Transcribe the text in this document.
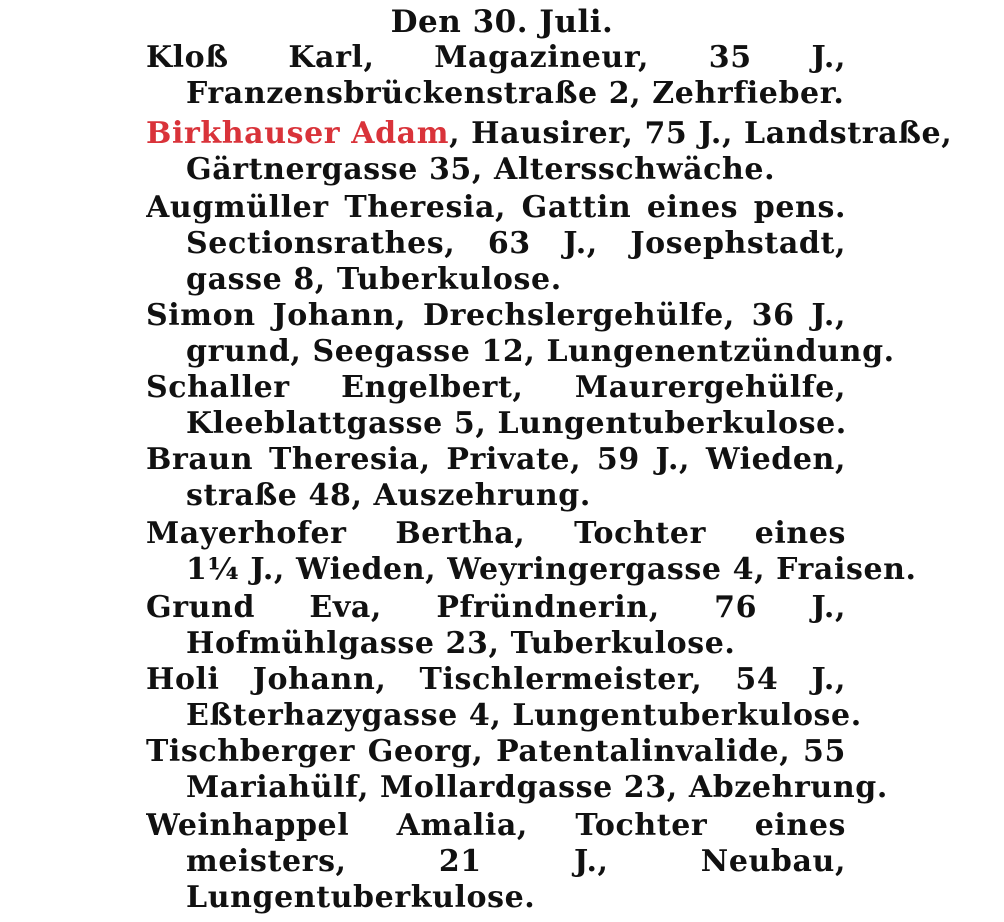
Den 30. Juli.
Kloß Karl, Magazineur, 35 J.,
Franzensbrückenstraße 2, Zehrfieber.
Birkhauser Adam, Hausirer, 75 J., Landstraße,
Gärtnergasse 35, Altersschwäche.
Augmüller Theresia, Gattin eines pens.
Sectionsrathes, 63 J., Josephstadt,
gasse 8, Tuberkulose.
Simon Johann, Drechslergehülfe, 36 J.,
grund, Seegasse 12, Lungenentzündung.
Schaller Engelbert, Maurergehülfe,
Kleeblattgasse 5, Lungentuberkulose.
Braun Theresia, Private, 59 J., Wieden,
straße 48, Auszehrung.
Mayerhofer Bertha, Tochter eines
1¼ J., Wieden, Weyringergasse 4, Fraisen.
Grund Eva, Pfründnerin, 76 J.,
Hofmühlgasse 23, Tuberkulose.
Holi Johann, Tischlermeister, 54 J.,
Eßterhazygasse 4, Lungentuberkulose.
Tischberger Georg, Patentalinvalide, 55
Mariahülf, Mollardgasse 23, Abzehrung.
Weinhappel Amalia, Tochter eines
meisters, 21 J., Neubau,
Lungentuberkulose.
